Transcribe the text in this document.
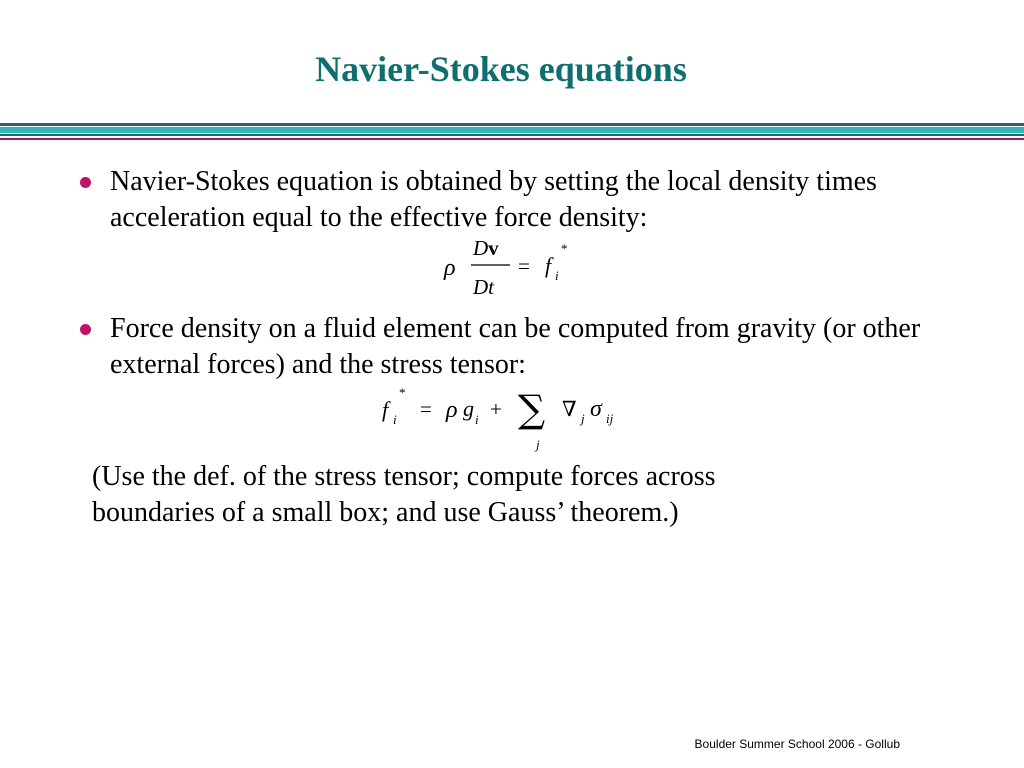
Navier-Stokes equations
Navier-Stokes equation is obtained by setting the local density times acceleration equal to the effective force density:
ρ
Dv
Dt
= f i
*
Force density on a fluid element can be computed from gravity (or other external forces) and the stress tensor:
f i
*
= ρ g i + ∑
j
∇ j σ ij
(Use the def. of the stress tensor; compute forces across
boundaries of a small box; and use Gauss’ theorem.)
Boulder Summer School 2006 - Gollub
